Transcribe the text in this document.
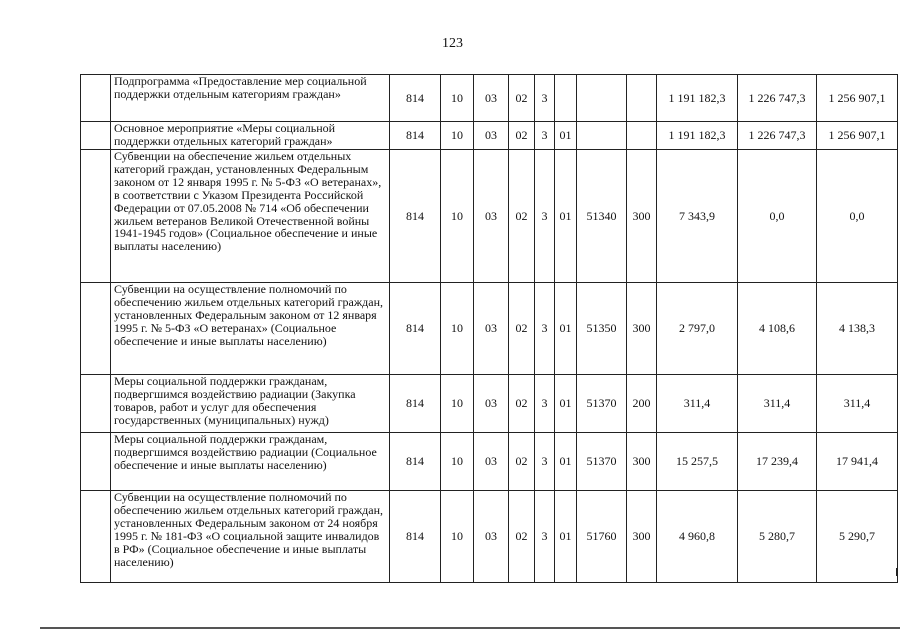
123
	Подпрограмма «Предоставление мер социальной поддержки отдельным категориям граждан»	814	10	03	02	3				1 191 182,3	1 226 747,3	1 256 907,1
	Основное мероприятие «Меры социальной поддержки отдельных категорий граждан»	814	10	03	02	3	01			1 191 182,3	1 226 747,3	1 256 907,1
	Субвенции на обеспечение жильем отдельных категорий граждан, установленных Федеральным законом от 12 января 1995 г. № 5-ФЗ «О ветеранах», в соответствии с Указом Президента Российской Федерации от 07.05.2008 № 714 «Об обеспечении жильем ветеранов Великой Отечественной войны 1941-1945 годов» (Социальное обеспечение и иные выплаты населению)	814	10	03	02	3	01	51340	300	7 343,9	0,0	0,0
	Субвенции на осуществление полномочий по обеспечению жильем отдельных категорий граждан, установленных Федеральным законом от 12 января 1995 г. № 5-ФЗ «О ветеранах» (Социальное обеспечение и иные выплаты населению)	814	10	03	02	3	01	51350	300	2 797,0	4 108,6	4 138,3
	Меры социальной поддержки гражданам, подвергшимся воздействию радиации (Закупка товаров, работ и услуг для обеспечения государственных (муниципальных) нужд)	814	10	03	02	3	01	51370	200	311,4	311,4	311,4
	Меры социальной поддержки гражданам, подвергшимся воздействию радиации (Социальное обеспечение и иные выплаты населению)	814	10	03	02	3	01	51370	300	15 257,5	17 239,4	17 941,4
	Субвенции на осуществление полномочий по обеспечению жильем отдельных категорий граждан, установленных Федеральным законом от 24 ноября 1995 г. № 181-ФЗ «О социальной защите инвалидов в РФ» (Социальное обеспечение и иные выплаты населению)	814	10	03	02	3	01	51760	300	4 960,8	5 280,7	5 290,7
